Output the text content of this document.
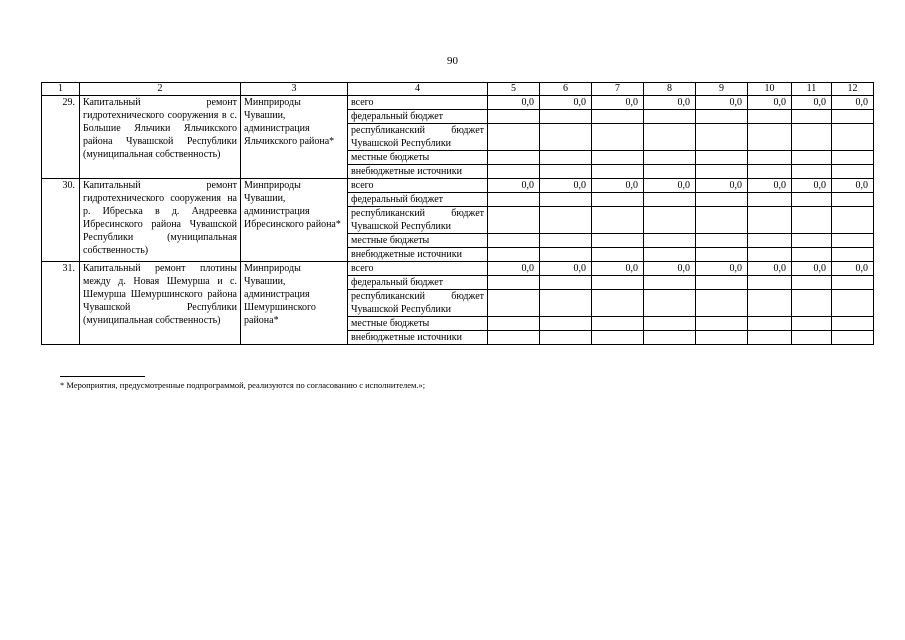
90
1	2	3	4	5	6	7	8	9	10	11	12
29.	Капитальный ремонт гидротехнического сооружения в с. Большие Яльчики Яльчикского района Чувашской Республики (муниципальная собственность)	Минприроды Чувашии, администрация Яльчикского района*	всего	0,0	0,0	0,0	0,0	0,0	0,0	0,0	0,0
			федеральный бюджет								
			республиканский бюджет Чувашской Республики								
			местные бюджеты								
			внебюджетные источники								
30.	Капитальный ремонт гидротехнического сооружения на р. Ибреська в д. Андреевка Ибресинского района Чувашской Республики (муниципальная собственность)	Минприроды Чувашии, администрация Ибресинского района*	всего	0,0	0,0	0,0	0,0	0,0	0,0	0,0	0,0
			федеральный бюджет								
			республиканский бюджет Чувашской Республики								
			местные бюджеты								
			внебюджетные источники								
31.	Капитальный ремонт плотины между д. Новая Шемурша и с. Шемурша Шемуршинского района Чувашской Республики (муниципальная собственность)	Минприроды Чувашии, администрация Шемуршинского района*	всего	0,0	0,0	0,0	0,0	0,0	0,0	0,0	0,0
			федеральный бюджет								
			республиканский бюджет Чувашской Республики								
			местные бюджеты								
			внебюджетные источники								
* Мероприятия, предусмотренные подпрограммой, реализуются по согласованию с исполнителем.»;
